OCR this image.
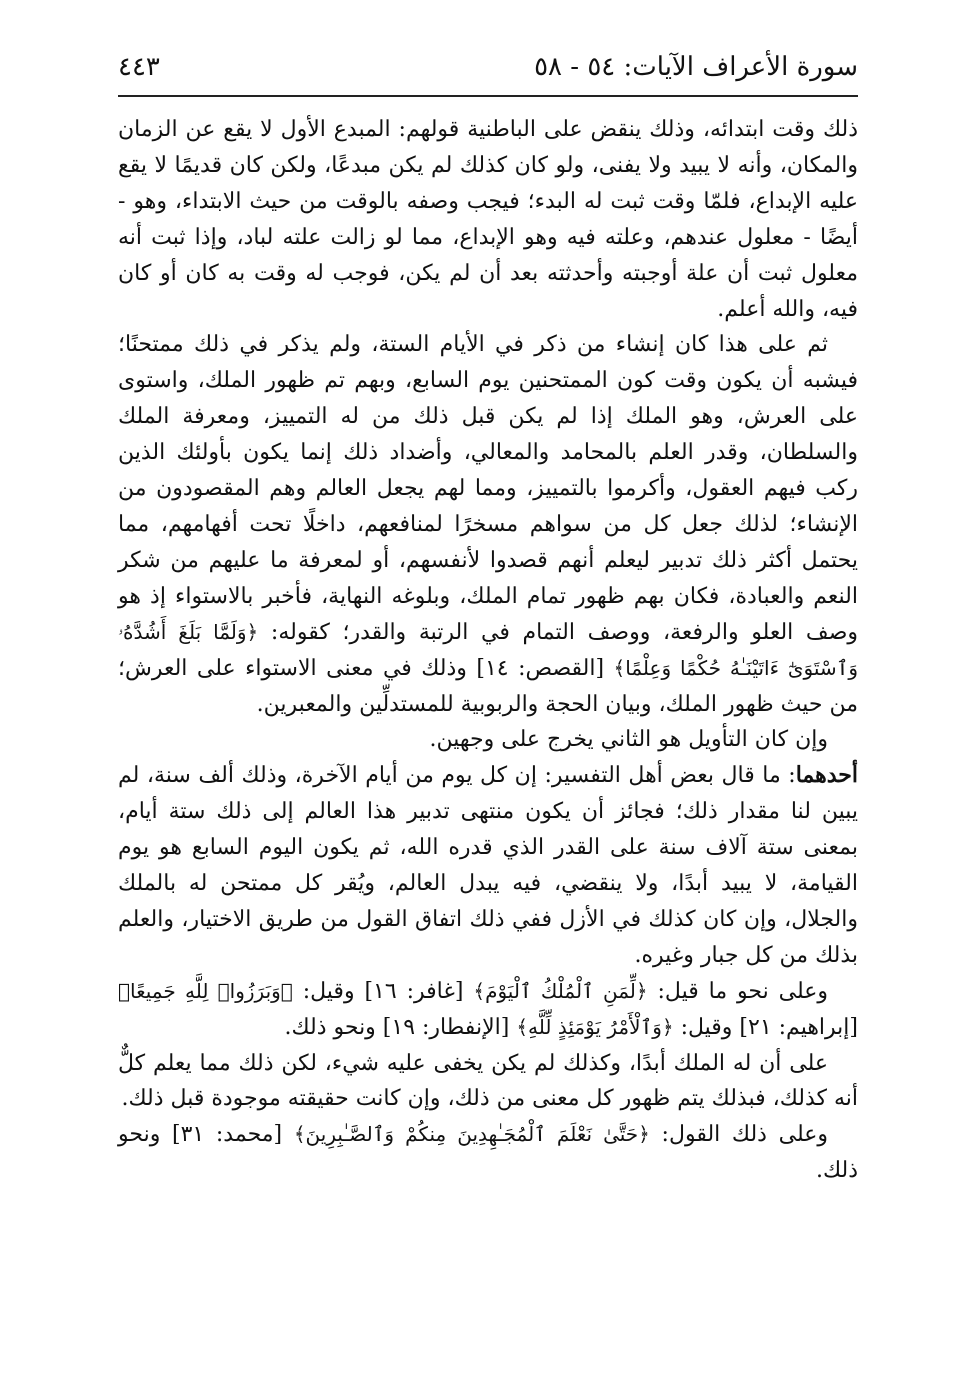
سورة الأعراف الآيات: ٥٤ - ٥٨
٤٤٣

ذلك وقت ابتدائه، وذلك ينقض على الباطنية قولهم: المبدع الأول لا يقع عن الزمان والمكان، وأنه لا يبيد ولا يفنى، ولو كان كذلك لم يكن مبدعًا، ولكن كان قديمًا لا يقع عليه الإبداع، فلمّا وقت ثبت له البدء؛ فيجب وصفه بالوقت من حيث الابتداء، وهو - أيضًا - معلول عندهم، وعلته فيه وهو الإبداع، مما لو زالت علته لباد، وإذا ثبت أنه معلول ثبت أن علة أوجبته وأحدثته بعد أن لم يكن، فوجب له وقت به كان أو كان فيه، والله أعلم.

ثم على هذا كان إنشاء من ذكر في الأيام الستة، ولم يذكر في ذلك ممتحنًا؛ فيشبه أن يكون وقت كون الممتحنين يوم السابع، وبهم تم ظهور الملك، واستوى على العرش، وهو الملك إذا لم يكن قبل ذلك من له التمييز، ومعرفة الملك والسلطان، وقدر العلم بالمحامد والمعالي، وأضداد ذلك إنما يكون بأولئك الذين ركب فيهم العقول، وأكرموا بالتمييز، ومما لهم يجعل العالم وهم المقصودون من الإنشاء؛ لذلك جعل كل من سواهم مسخرًا لمنافعهم، داخلًا تحت أفهامهم، مما يحتمل أكثر ذلك تدبير ليعلم أنهم قصدوا لأنفسهم، أو لمعرفة ما عليهم من شكر النعم والعبادة، فكان بهم ظهور تمام الملك، وبلوغه النهاية، فأخبر بالاستواء إذ هو وصف العلو والرفعة، ووصف التمام في الرتبة والقدر؛ كقوله: ﴿وَلَمَّا بَلَغَ أَشُدَّهُۥ وَٱسْتَوَىٰٓ ءَاتَيْنَـٰهُ حُكْمًا وَعِلْمًا﴾ [القصص: ١٤] وذلك في معنى الاستواء على العرش؛ من حيث ظهور الملك، وبيان الحجة والربوبية للمستدلِّين والمعبرين.

وإن كان التأويل هو الثاني يخرج على وجهين.

أحدهما: ما قال بعض أهل التفسير: إن كل يوم من أيام الآخرة، وذلك ألف سنة، لم يبين لنا مقدار ذلك؛ فجائز أن يكون منتهى تدبير هذا العالم إلى ذلك ستة أيام، بمعنى ستة آلاف سنة على القدر الذي قدره الله، ثم يكون اليوم السابع هو يوم القيامة، لا يبيد أبدًا، ولا ينقضي، فيه يبدل العالم، ويُقر كل ممتحن له بالملك والجلال، وإن كان كذلك في الأزل ففي ذلك اتفاق القول من طريق الاختيار، والعلم بذلك من كل جبار وغيره.

وعلى نحو ما قيل: ﴿لِّمَنِ ٱلْمُلْكُ ٱلْيَوْمَ﴾ [غافر: ١٦] وقيل: ﴿وَبَرَزُوا۟ لِلَّهِ جَمِيعًا﴾ [إبراهيم: ٢١] وقيل: ﴿وَٱلْأَمْرُ يَوْمَئِذٍ لِّلَّهِ﴾ [الإنفطار: ١٩] ونحو ذلك.

على أن له الملك أبدًا، وكذلك لم يكن يخفى عليه شيء، لكن ذلك مما يعلم كلٌّ أنه كذلك، فبذلك يتم ظهور كل معنى من ذلك، وإن كانت حقيقته موجودة قبل ذلك.

وعلى ذلك القول: ﴿حَتَّىٰ نَعْلَمَ ٱلْمُجَـٰهِدِينَ مِنكُمْ وَٱلصَّـٰبِرِينَ﴾ [محمد: ٣١] ونحو ذلك.
